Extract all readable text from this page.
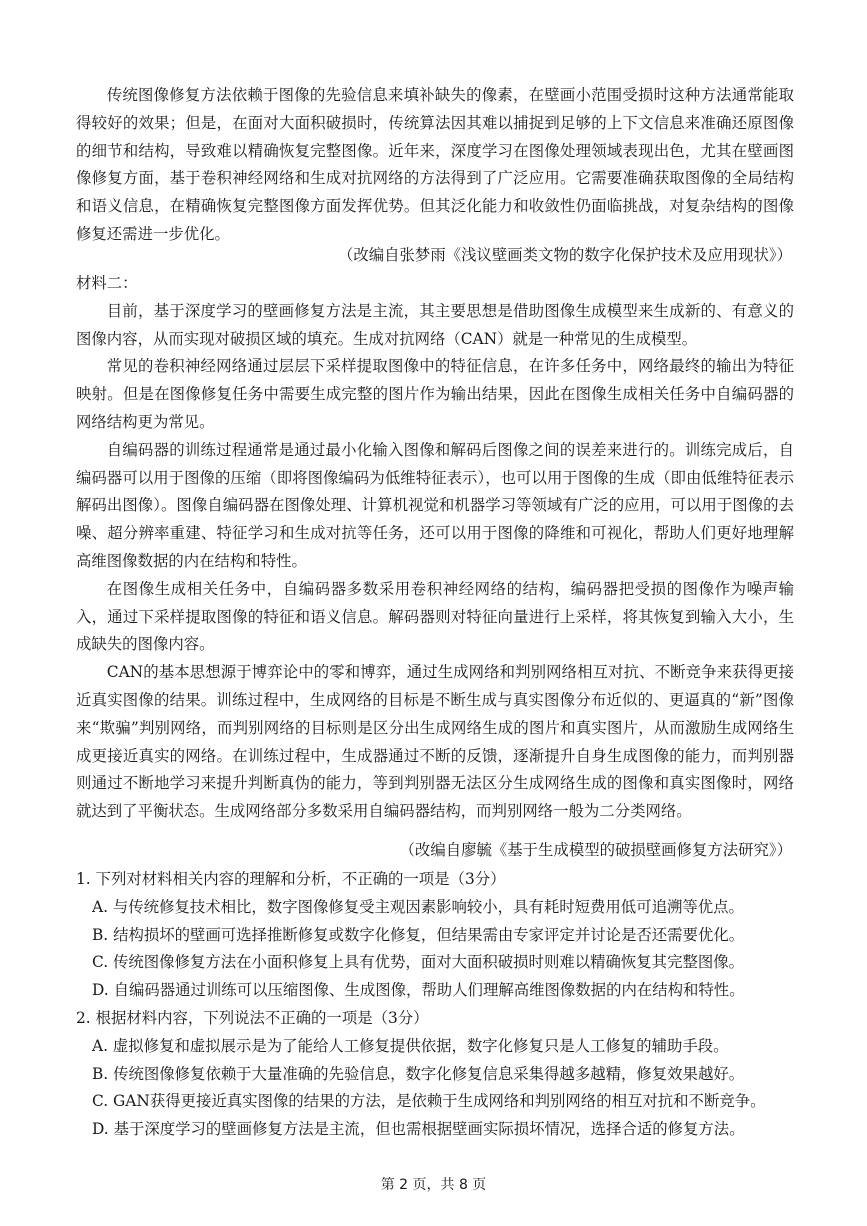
传统图像修复方法依赖于图像的先验信息来填补缺失的像素，在壁画小范围受损时这种方法通常能取得较好的效果；但是，在面对大面积破损时，传统算法因其难以捕捉到足够的上下文信息来准确还原图像的细节和结构，导致难以精确恢复完整图像。近年来，深度学习在图像处理领域表现出色，尤其在壁画图像修复方面，基于卷积神经网络和生成对抗网络的方法得到了广泛应用。它需要准确获取图像的全局结构和语义信息，在精确恢复完整图像方面发挥优势。但其泛化能力和收敛性仍面临挑战，对复杂结构的图像修复还需进一步优化。

（改编自张梦雨《浅议壁画类文物的数字化保护技术及应用现状》）

材料二：

目前，基于深度学习的壁画修复方法是主流，其主要思想是借助图像生成模型来生成新的、有意义的图像内容，从而实现对破损区域的填充。生成对抗网络（CAN）就是一种常见的生成模型。

常见的卷积神经网络通过层层下采样提取图像中的特征信息，在许多任务中，网络最终的输出为特征映射。但是在图像修复任务中需要生成完整的图片作为输出结果，因此在图像生成相关任务中自编码器的网络结构更为常见。

自编码器的训练过程通常是通过最小化输入图像和解码后图像之间的误差来进行的。训练完成后，自编码器可以用于图像的压缩（即将图像编码为低维特征表示），也可以用于图像的生成（即由低维特征表示解码出图像）。图像自编码器在图像处理、计算机视觉和机器学习等领域有广泛的应用，可以用于图像的去噪、超分辨率重建、特征学习和生成对抗等任务，还可以用于图像的降维和可视化，帮助人们更好地理解高维图像数据的内在结构和特性。

在图像生成相关任务中，自编码器多数采用卷积神经网络的结构，编码器把受损的图像作为噪声输入，通过下采样提取图像的特征和语义信息。解码器则对特征向量进行上采样，将其恢复到输入大小，生成缺失的图像内容。

CAN的基本思想源于博弈论中的零和博弈，通过生成网络和判别网络相互对抗、不断竞争来获得更接近真实图像的结果。训练过程中，生成网络的目标是不断生成与真实图像分布近似的、更逼真的“新”图像来“欺骗”判别网络，而判别网络的目标则是区分出生成网络生成的图片和真实图片，从而激励生成网络生成更接近真实的网络。在训练过程中，生成器通过不断的反馈，逐渐提升自身生成图像的能力，而判别器则通过不断地学习来提升判断真伪的能力，等到判别器无法区分生成网络生成的图像和真实图像时，网络就达到了平衡状态。生成网络部分多数采用自编码器结构，而判别网络一般为二分类网络。

（改编自廖毓《基于生成模型的破损壁画修复方法研究》）

1. 下列对材料相关内容的理解和分析，不正确的一项是（3分）

A. 与传统修复技术相比，数字图像修复受主观因素影响较小，具有耗时短费用低可追溯等优点。

B. 结构损坏的壁画可选择推断修复或数字化修复，但结果需由专家评定并讨论是否还需要优化。

C. 传统图像修复方法在小面积修复上具有优势，面对大面积破损时则难以精确恢复其完整图像。

D. 自编码器通过训练可以压缩图像、生成图像，帮助人们理解高维图像数据的内在结构和特性。

2. 根据材料内容，下列说法不正确的一项是（3分）

A. 虚拟修复和虚拟展示是为了能给人工修复提供依据，数字化修复只是人工修复的辅助手段。

B. 传统图像修复依赖于大量准确的先验信息，数字化修复信息采集得越多越精，修复效果越好。

C. GAN获得更接近真实图像的结果的方法，是依赖于生成网络和判别网络的相互对抗和不断竞争。

D. 基于深度学习的壁画修复方法是主流，但也需根据壁画实际损坏情况，选择合适的修复方法。

第 2 页，共 8 页
